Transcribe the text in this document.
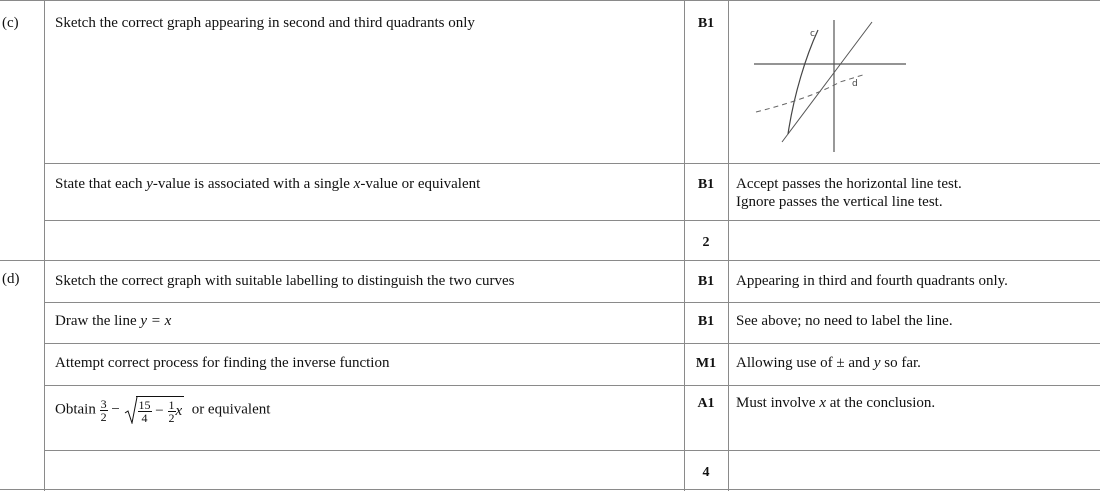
(c) Sketch the correct graph appearing in second and third quadrants only	B1
c
d
State that each y-value is associated with a single x-value or equivalent	B1	Accept passes the horizontal line test.
Ignore passes the vertical line test.
2
(d) Sketch the correct graph with suitable labelling to distinguish the two curves	B1	Appearing in third and fourth quadrants only.
Draw the line y = x	B1	See above; no need to label the line.
Attempt correct process for finding the inverse function	M1	Allowing use of ± and y so far.
Obtain $\frac{3}{2} - \frac{15}{4} - \frac{1}{2}$ x or equivalent	A1	Must involve x at the conclusion.
4
